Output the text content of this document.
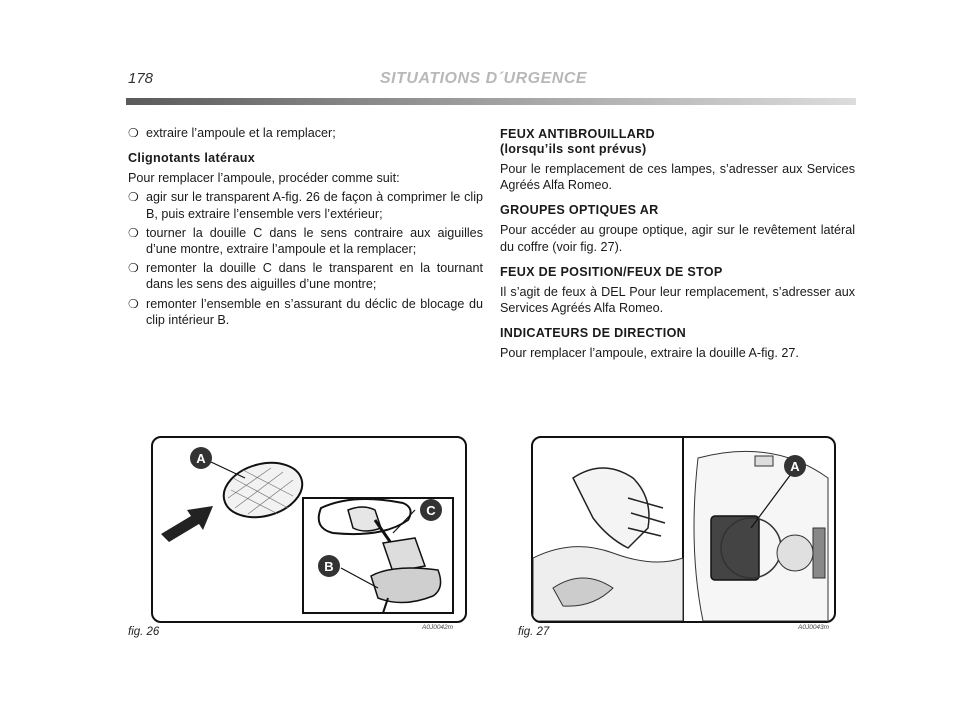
178	SITUATIONS D´URGENCE
❍ extraire l’ampoule et la remplacer;
Clignotants latéraux

Pour remplacer l’ampoule, procéder comme suit:

❍ agir sur le transparent A-fig. 26 de façon à comprimer le clip B, puis extraire l’ensemble vers l’extérieur;
❍ tourner la douille C dans le sens contraire aux aiguilles d’une montre, extraire l’ampoule et la remplacer;
❍ remonter la douille C dans le transparent en la tournant dans les sens des aiguilles d’une montre;
❍ remonter l’ensemble en s’assurant du déclic de blocage du clip intérieur B.
FEUX ANTIBROUILLARD
(lorsqu’ils sont prévus)

Pour le remplacement de ces lampes, s’adresser aux Services Agréés Alfa Romeo.

GROUPES OPTIQUES AR

Pour accéder au groupe optique, agir sur le revêtement latéral du coffre (voir fig. 27).

FEUX DE POSITION/FEUX DE STOP

Il s’agit de feux à DEL Pour leur remplacement, s’adresser aux Services Agréés Alfa Romeo.

INDICATEURS DE DIRECTION

Pour remplacer l’ampoule, extraire la douille A-fig. 27.

A
C
B
fig. 26	A0J0042m
A
fig. 27	A0J0043m
